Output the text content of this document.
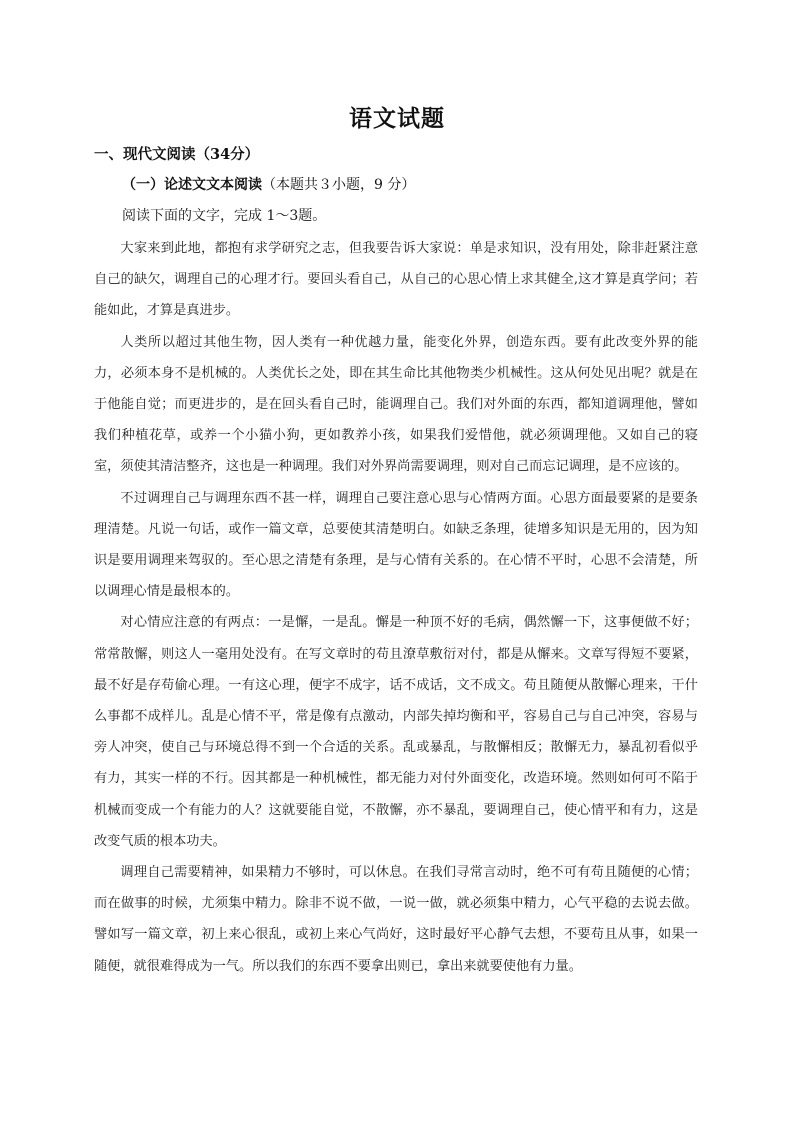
语文试题
一、现代文阅读（34分）
（一）论述文文本阅读（本题共３小题，9 分）
阅读下面的文字，完成 1～3题。

大家来到此地，都抱有求学研究之志，但我要告诉大家说：单是求知识，没有用处，除非赶紧注意自己的缺欠，调理自己的心理才行。要回头看自己，从自己的心思心情上求其健全,这才算是真学问；若能如此，才算是真进步。

人类所以超过其他生物，因人类有一种优越力量，能变化外界，创造东西。要有此改变外界的能力，必须本身不是机械的。人类优长之处，即在其生命比其他物类少机械性。这从何处见出呢？就是在于他能自觉；而更进步的，是在回头看自己时，能调理自己。我们对外面的东西，都知道调理他，譬如我们种植花草，或养一个小猫小狗，更如教养小孩，如果我们爱惜他，就必须调理他。又如自己的寝室，须使其清洁整齐，这也是一种调理。我们对外界尚需要调理，则对自己而忘记调理，是不应该的。

不过调理自己与调理东西不甚一样，调理自己要注意心思与心情两方面。心思方面最要紧的是要条理清楚。凡说一句话，或作一篇文章，总要使其清楚明白。如缺乏条理，徒增多知识是无用的，因为知识是要用调理来驾驭的。至心思之清楚有条理，是与心情有关系的。在心情不平时，心思不会清楚，所以调理心情是最根本的。

对心情应注意的有两点：一是懈，一是乱。懈是一种顶不好的毛病，偶然懈一下，这事便做不好；常常散懈，则这人一毫用处没有。在写文章时的苟且潦草敷衍对付，都是从懈来。文章写得短不要紧，最不好是存苟偷心理。一有这心理，便字不成字，话不成话，文不成文。苟且随便从散懈心理来，干什么事都不成样儿。乱是心情不平，常是像有点激动，内部失掉均衡和平，容易自己与自己冲突，容易与旁人冲突，使自己与环境总得不到一个合适的关系。乱或暴乱，与散懈相反；散懈无力，暴乱初看似乎有力，其实一样的不行。因其都是一种机械性，都无能力对付外面变化，改造环境。然则如何可不陷于机械而变成一个有能力的人？这就要能自觉，不散懈，亦不暴乱，要调理自己，使心情平和有力，这是改变气质的根本功夫。

调理自己需要精神，如果精力不够时，可以休息。在我们寻常言动时，绝不可有苟且随便的心情；而在做事的时候，尤须集中精力。除非不说不做，一说一做，就必须集中精力，心气平稳的去说去做。譬如写一篇文章，初上来心很乱，或初上来心气尚好，这时最好平心静气去想，不要苟且从事，如果一随便，就很难得成为一气。所以我们的东西不要拿出则已，拿出来就要使他有力量。
